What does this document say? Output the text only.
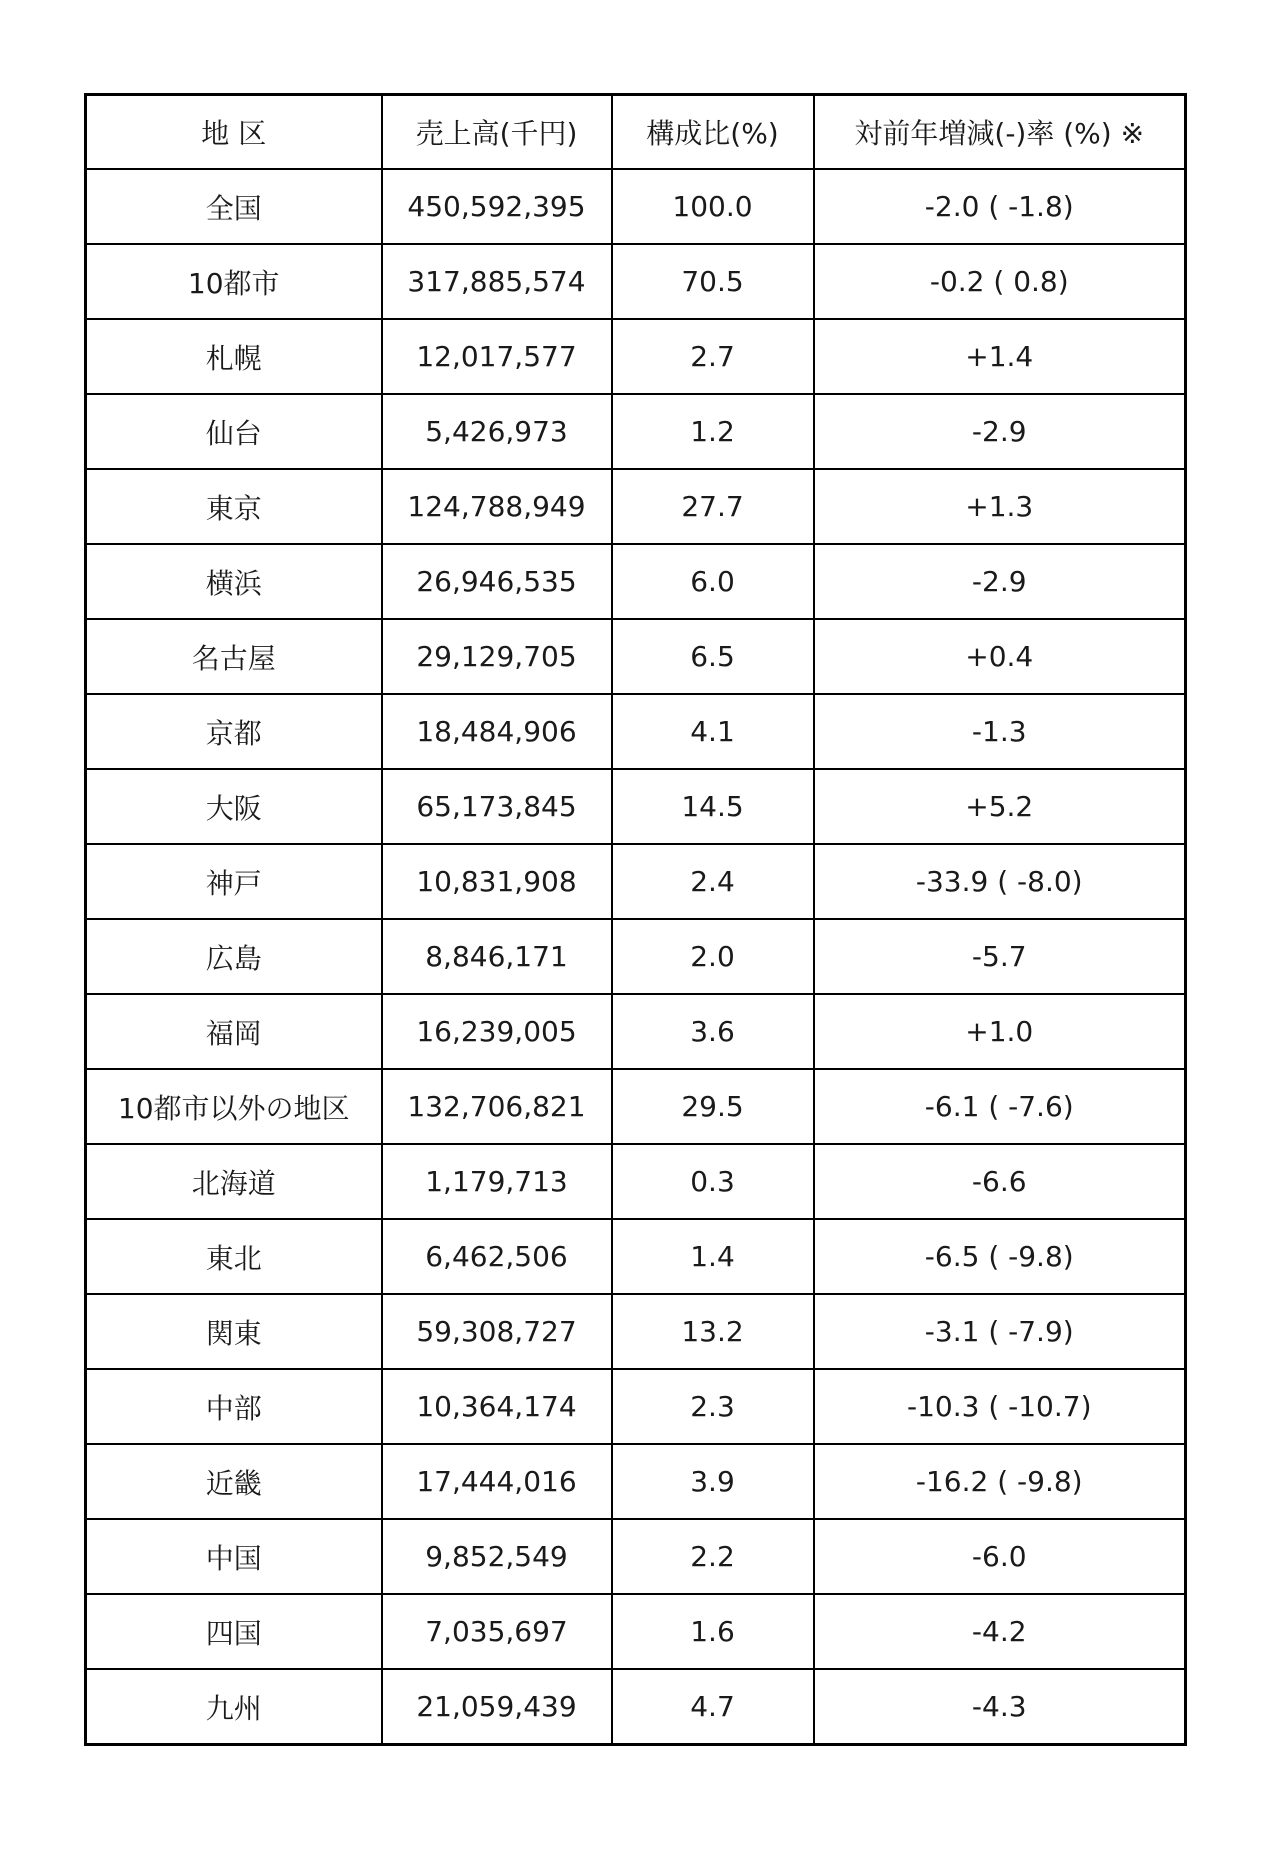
地 区	売上高(千円)	構成比(%)	対前年増減(-)率 (%) ※
全国	450,592,395	100.0	-2.0 ( -1.8)
10都市	317,885,574	70.5	-0.2 ( 0.8)
札幌	12,017,577	2.7	+1.4
仙台	5,426,973	1.2	-2.9
東京	124,788,949	27.7	+1.3
横浜	26,946,535	6.0	-2.9
名古屋	29,129,705	6.5	+0.4
京都	18,484,906	4.1	-1.3
大阪	65,173,845	14.5	+5.2
神戸	10,831,908	2.4	-33.9 ( -8.0)
広島	8,846,171	2.0	-5.7
福岡	16,239,005	3.6	+1.0
10都市以外の地区	132,706,821	29.5	-6.1 ( -7.6)
北海道	1,179,713	0.3	-6.6
東北	6,462,506	1.4	-6.5 ( -9.8)
関東	59,308,727	13.2	-3.1 ( -7.9)
中部	10,364,174	2.3	-10.3 ( -10.7)
近畿	17,444,016	3.9	-16.2 ( -9.8)
中国	9,852,549	2.2	-6.0
四国	7,035,697	1.6	-4.2
九州	21,059,439	4.7	-4.3
